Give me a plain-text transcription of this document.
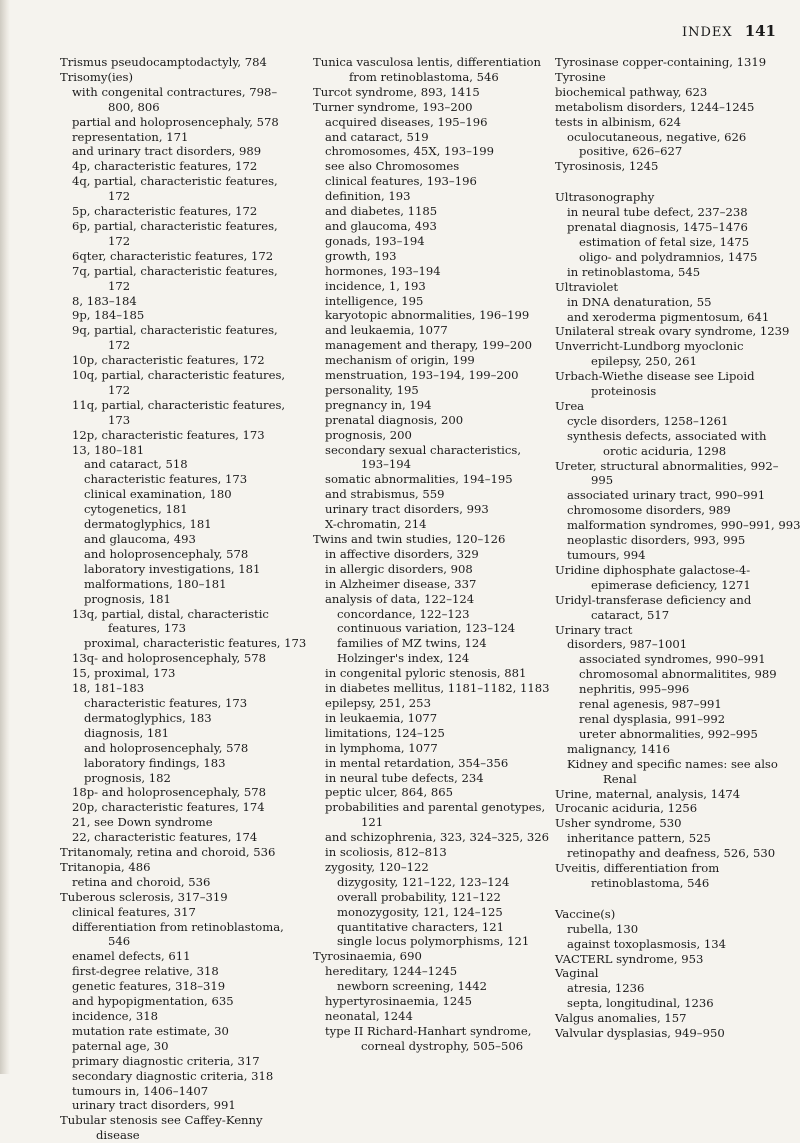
INDEX 141
Trismus pseudocamptodactyly, 784
Trisomy(ies)
with congenital contractures, 798–800, 806
partial and holoprosencephaly, 578
representation, 171
and urinary tract disorders, 989
4p, characteristic features, 172
4q, partial, characteristic features, 172
5p, characteristic features, 172
6p, partial, characteristic features, 172
6qter, characteristic features, 172
7q, partial, characteristic features, 172
8, 183–184
9p, 184–185
9q, partial, characteristic features, 172
10p, characteristic features, 172
10q, partial, characteristic features, 172
11q, partial, characteristic features, 173
12p, characteristic features, 173
13, 180–181
and cataract, 518
characteristic features, 173
clinical examination, 180
cytogenetics, 181
dermatoglyphics, 181
and glaucoma, 493
and holoprosencephaly, 578
laboratory investigations, 181
malformations, 180–181
prognosis, 181
13q, partial, distal, characteristic features, 173
proximal, characteristic features, 173
13q- and holoprosencephaly, 578
15, proximal, 173
18, 181–183
characteristic features, 173
dermatoglyphics, 183
diagnosis, 181
and holoprosencephaly, 578
laboratory findings, 183
prognosis, 182
18p- and holoprosencephaly, 578
20p, characteristic features, 174
21, see Down syndrome
22, characteristic features, 174
Tritanomaly, retina and choroid, 536
Tritanopia, 486
retina and choroid, 536
Tuberous sclerosis, 317–319
clinical features, 317
differentiation from retinoblastoma, 546
enamel defects, 611
first-degree relative, 318
genetic features, 318–319
and hypopigmentation, 635
incidence, 318
mutation rate estimate, 30
paternal age, 30
primary diagnostic criteria, 317
secondary diagnostic criteria, 318
tumours in, 1406–1407
urinary tract disorders, 991
Tubular stenosis see Caffey-Kenny disease
Tunica vasculosa lentis, differentiation from retinoblastoma, 546
Turcot syndrome, 893, 1415
Turner syndrome, 193–200
acquired diseases, 195–196
and cataract, 519
chromosomes, 45X, 193–199
see also Chromosomes
clinical features, 193–196
definition, 193
and diabetes, 1185
and glaucoma, 493
gonads, 193–194
growth, 193
hormones, 193–194
incidence, 1, 193
intelligence, 195
karyotopic abnormalities, 196–199
and leukaemia, 1077
management and therapy, 199–200
mechanism of origin, 199
menstruation, 193–194, 199–200
personality, 195
pregnancy in, 194
prenatal diagnosis, 200
prognosis, 200
secondary sexual characteristics, 193–194
somatic abnormalities, 194–195
and strabismus, 559
urinary tract disorders, 993
X-chromatin, 214
Twins and twin studies, 120–126
in affective disorders, 329
in allergic disorders, 908
in Alzheimer disease, 337
analysis of data, 122–124
concordance, 122–123
continuous variation, 123–124
families of MZ twins, 124
Holzinger's index, 124
in congenital pyloric stenosis, 881
in diabetes mellitus, 1181–1182, 1183
epilepsy, 251, 253
in leukaemia, 1077
limitations, 124–125
in lymphoma, 1077
in mental retardation, 354–356
in neural tube defects, 234
peptic ulcer, 864, 865
probabilities and parental genotypes, 121
and schizophrenia, 323, 324–325, 326
in scoliosis, 812–813
zygosity, 120–122
dizygosity, 121–122, 123–124
overall probability, 121–122
monozygosity, 121, 124–125
quantitative characters, 121
single locus polymorphisms, 121
Tyrosinaemia, 690
hereditary, 1244–1245
newborn screening, 1442
hypertyrosinaemia, 1245
neonatal, 1244
type II Richard-Hanhart syndrome, corneal dystrophy, 505–506
Tyrosinase copper-containing, 1319
Tyrosine
biochemical pathway, 623
metabolism disorders, 1244–1245
tests in albinism, 624
oculocutaneous, negative, 626
positive, 626–627
Tyrosinosis, 1245
Ultrasonography
in neural tube defect, 237–238
prenatal diagnosis, 1475–1476
estimation of fetal size, 1475
oligo- and polydramnios, 1475
in retinoblastoma, 545
Ultraviolet
in DNA denaturation, 55
and xeroderma pigmentosum, 641
Unilateral streak ovary syndrome, 1239
Unverricht-Lundborg myoclonic epilepsy, 250, 261
Urbach-Wiethe disease see Lipoid proteinosis
Urea
cycle disorders, 1258–1261
synthesis defects, associated with orotic aciduria, 1298
Ureter, structural abnormalities, 992–995
associated urinary tract, 990–991
chromosome disorders, 989
malformation syndromes, 990–991, 993
neoplastic disorders, 993, 995
tumours, 994
Uridine diphosphate galactose-4-epimerase deficiency, 1271
Uridyl-transferase deficiency and cataract, 517
Urinary tract
disorders, 987–1001
associated syndromes, 990–991
chromosomal abnormalitites, 989
nephritis, 995–996
renal agenesis, 987–991
renal dysplasia, 991–992
ureter abnormalities, 992–995
malignancy, 1416
Kidney and specific names: see also Renal
Urine, maternal, analysis, 1474
Urocanic aciduria, 1256
Usher syndrome, 530
inheritance pattern, 525
retinopathy and deafness, 526, 530
Uveitis, differentiation from retinoblastoma, 546
Vaccine(s)
rubella, 130
against toxoplasmosis, 134
VACTERL syndrome, 953
Vaginal
atresia, 1236
septa, longitudinal, 1236
Valgus anomalies, 157
Valvular dysplasias, 949–950
